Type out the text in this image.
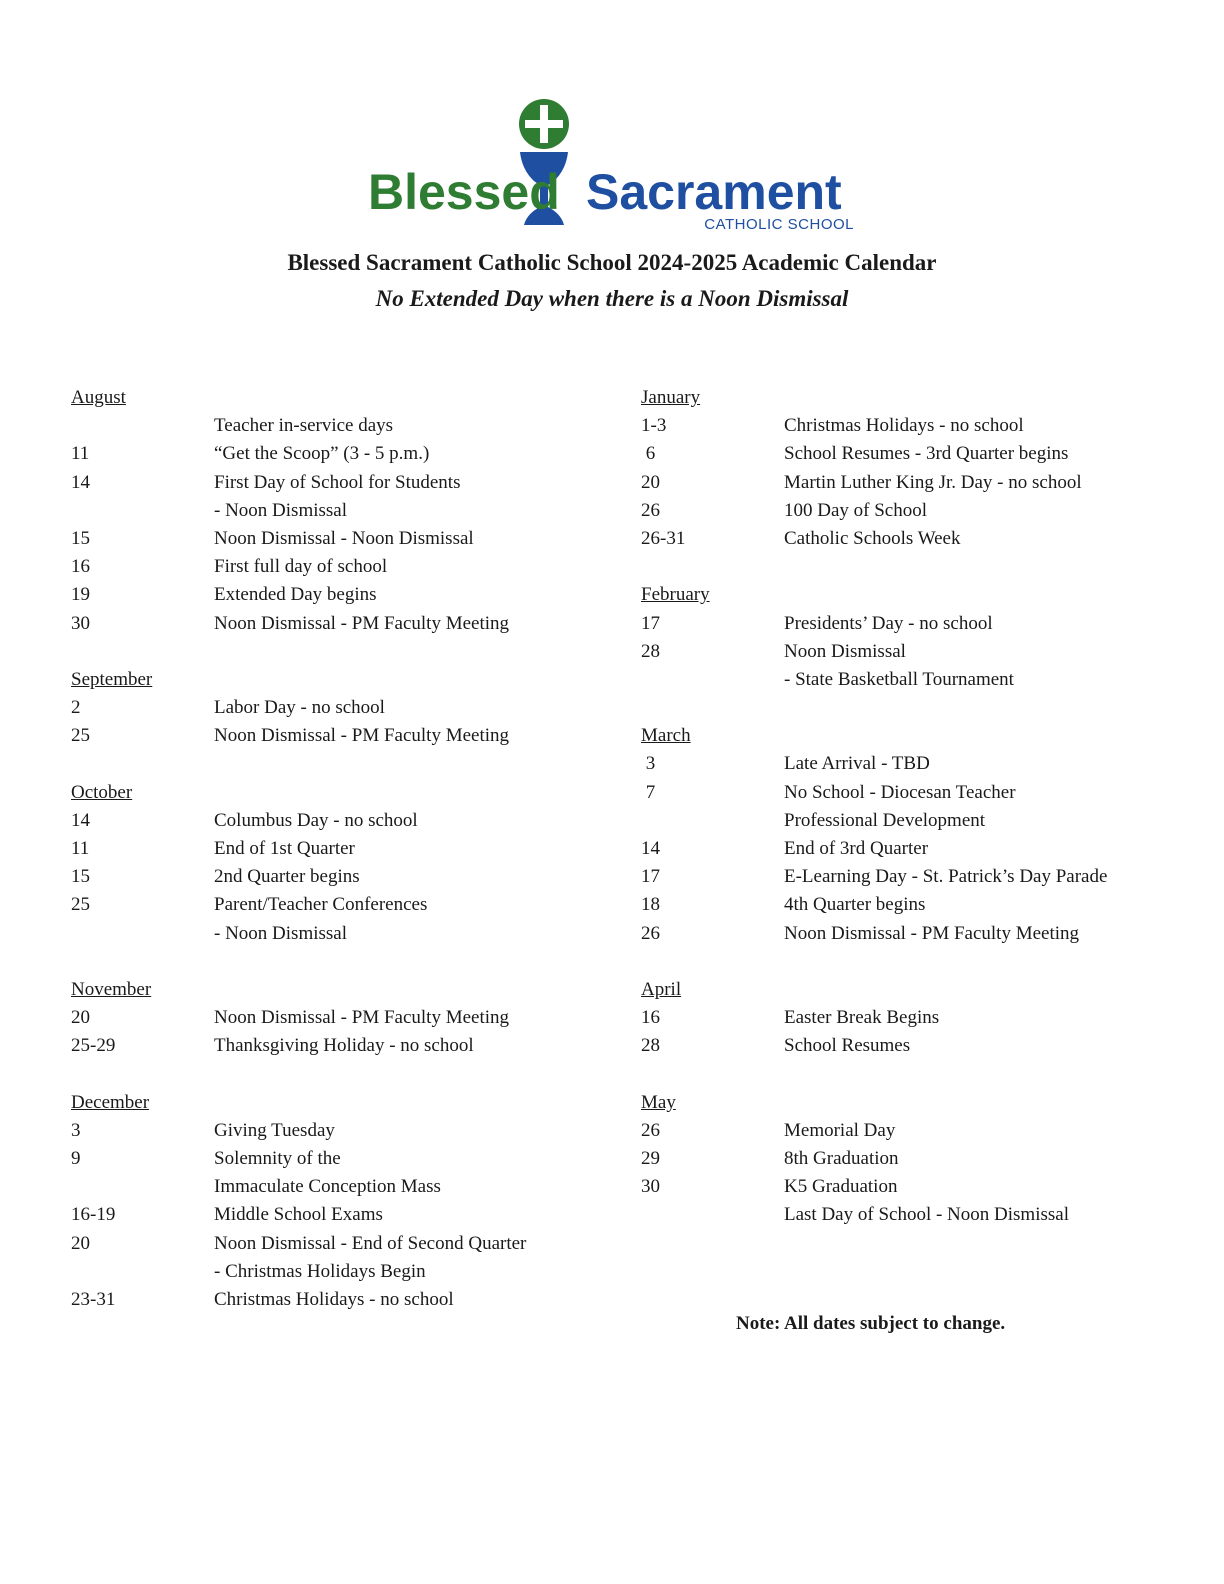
Blessed Sacrament
CATHOLIC SCHOOL
Blessed Sacrament Catholic School 2024-2025 Academic Calendar
No Extended Day when there is a Noon Dismissal
August
Teacher in-service days
11	“Get the Scoop” (3 - 5 p.m.)
14	First Day of School for Students
- Noon Dismissal
15	Noon Dismissal - Noon Dismissal
16	First full day of school
19	Extended Day begins
30	Noon Dismissal - PM Faculty Meeting
September
2	Labor Day - no school
25	Noon Dismissal - PM Faculty Meeting
October
14	Columbus Day - no school
11	End of 1st Quarter
15	2nd Quarter begins
25	Parent/Teacher Conferences
- Noon Dismissal
November
20	Noon Dismissal - PM Faculty Meeting
25-29	Thanksgiving Holiday - no school
December
3	Giving Tuesday
9	Solemnity of the
Immaculate Conception Mass
16-19	Middle School Exams
20	Noon Dismissal - End of Second Quarter
- Christmas Holidays Begin
23-31	Christmas Holidays - no school
January
1-3	Christmas Holidays - no school
6	School Resumes - 3rd Quarter begins
20	Martin Luther King Jr. Day - no school
26	100 Day of School
26-31	Catholic Schools Week
February
17	Presidents’ Day - no school
28	Noon Dismissal
- State Basketball Tournament
March
3	Late Arrival - TBD
7	No School - Diocesan Teacher
Professional Development
14	End of 3rd Quarter
17	E-Learning Day - St. Patrick’s Day Parade
18	4th Quarter begins
26	Noon Dismissal - PM Faculty Meeting
April
16	Easter Break Begins
28	School Resumes
May
26	Memorial Day
29	8th Graduation
30	K5 Graduation
Last Day of School - Noon Dismissal
Note: All dates subject to change.
